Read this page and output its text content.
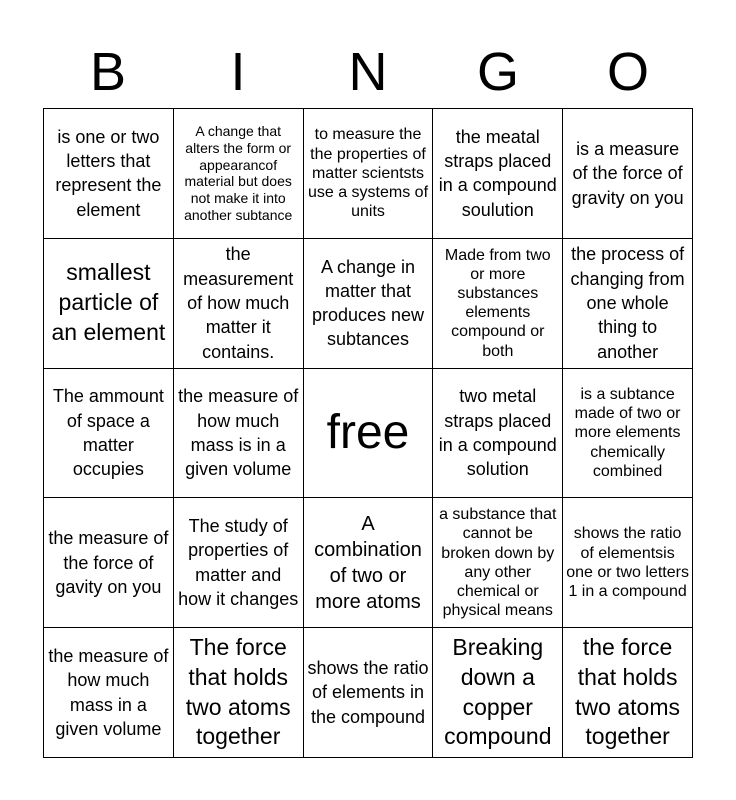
B	I	N	G	O
is one or two letters that represent the element
A change that alters the form or appearancof material but does not make it into another subtance
to measure the the properties of matter scientsts use a systems of units
the meatal straps placed in a compound soulution
is a measure of the force of gravity on you
smallest particle of an element
the measurement of how much matter it contains.
A change in matter that produces new subtances
Made from two or more substances elements compound or both
the process of changing from one whole thing to another
The ammount of space a matter occupies
the measure of how much mass is in a given volume
free
two metal straps placed in a compound solution
is a subtance made of two or more elements chemically combined
the measure of the force of gavity on you
The study of properties of matter and how it changes
A combination of two or more atoms
a substance that cannot be broken down by any other chemical or physical means
shows the ratio of elementsis one or two letters 1 in a compound
the measure of how much mass in a given volume
The force that holds two atoms together
shows the ratio of elements in the compound
Breaking down a copper compound
the force that holds two atoms together
